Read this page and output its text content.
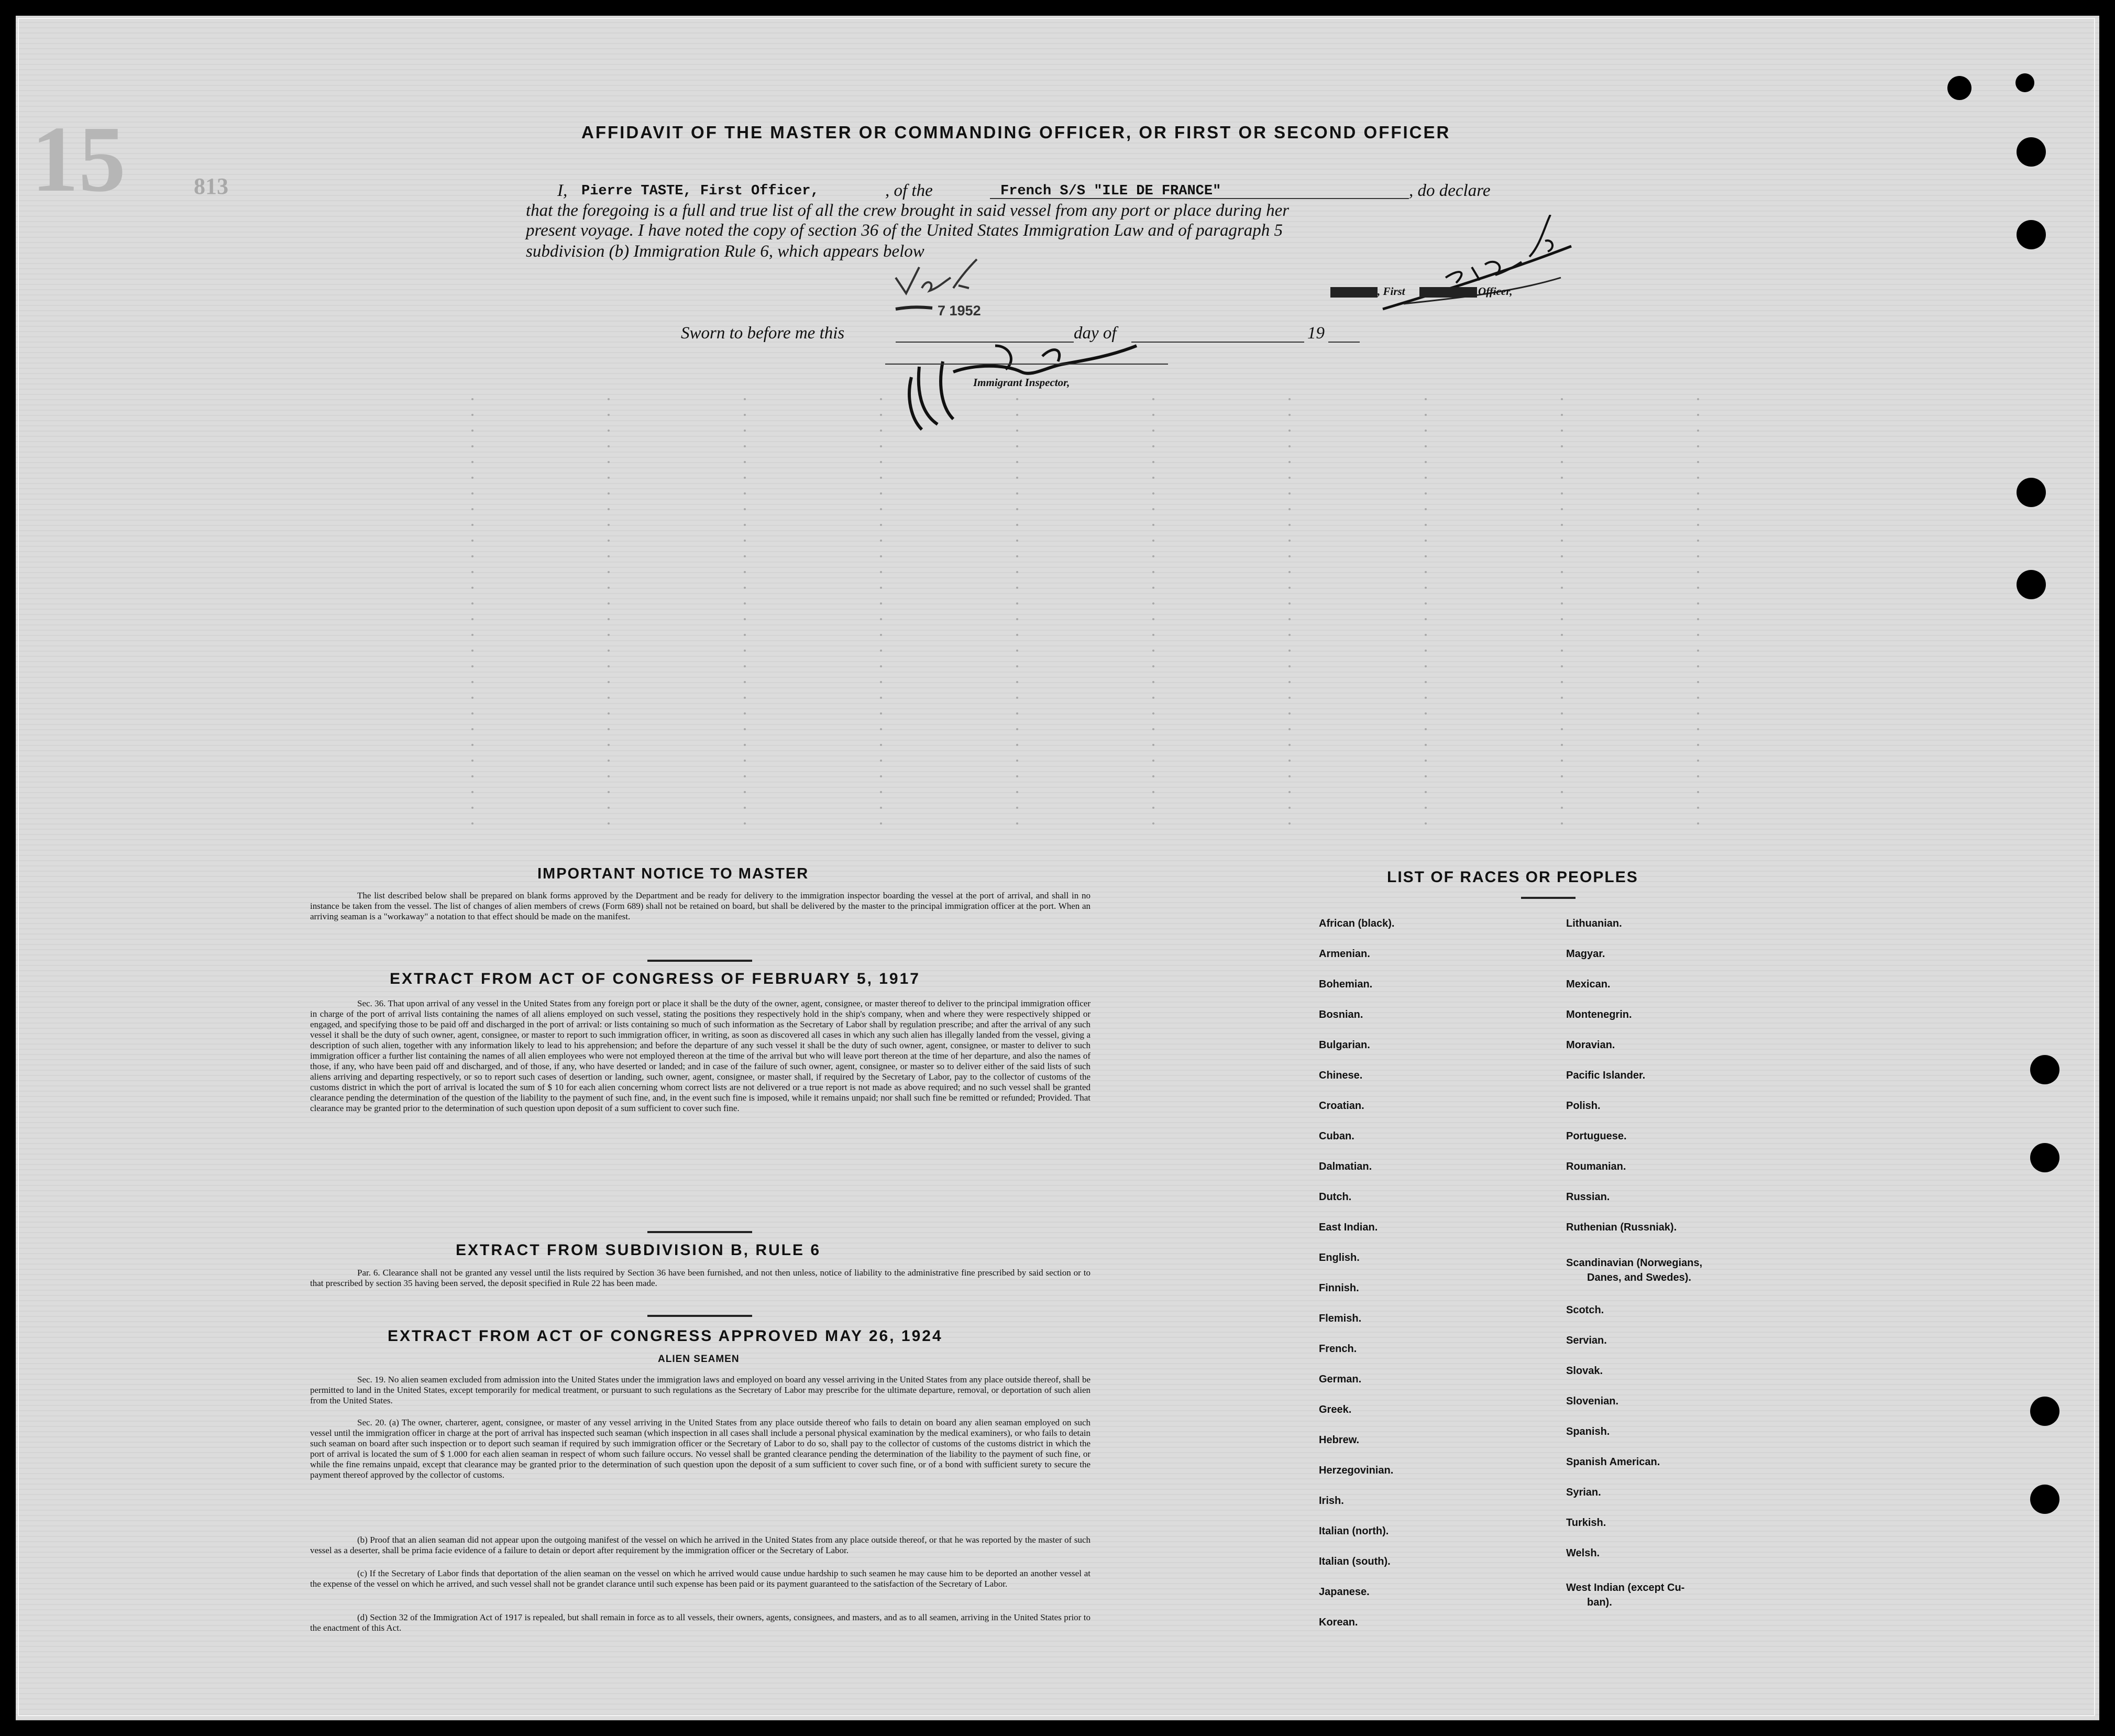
15	813
AFFIDAVIT OF THE MASTER OR COMMANDING OFFICER, OR FIRST OR SECOND OFFICER
I, Pierre TASTE, First Officer,	, of the	French S/S "ILE DE FRANCE"	, do declare
that the foregoing is a full and true list of all the crew brought in said vessel from any port or place during her
present voyage. I have noted the copy of section 36 of the United States Immigration Law and of paragraph 5
subdivision (b) Immigration Rule 6, which appears below
, First	Officer,
7 1952
Sworn to before me this	day of	19
Immigrant Inspector,
IMPORTANT NOTICE TO MASTER
The list described below shall be prepared on blank forms approved by the Department and be ready for delivery to the immigration inspector boarding the vessel at the port of arrival, and shall in no instance be taken from the vessel. The list of changes of alien members of crews (Form 689) shall not be retained on board, but shall be delivered by the master to the principal immigration officer at the port. When an arriving seaman is a "workaway" a notation to that effect should be made on the manifest.
EXTRACT FROM ACT OF CONGRESS OF FEBRUARY 5, 1917
Sec. 36. That upon arrival of any vessel in the United States from any foreign port or place it shall be the duty of the owner, agent, consignee, or master thereof to deliver to the principal immigration officer in charge of the port of arrival lists containing the names of all aliens employed on such vessel, stating the positions they respectively hold in the ship's company, when and where they were respectively shipped or engaged, and specifying those to be paid off and discharged in the port of arrival: or lists containing so much of such information as the Secretary of Labor shall by regulation prescribe; and after the arrival of any such vessel it shall be the duty of such owner, agent, consignee, or master to report to such immigration officer, in writing, as soon as discovered all cases in which any such alien has illegally landed from the vessel, giving a description of such alien, together with any information likely to lead to his apprehension; and before the departure of any such vessel it shall be the duty of such owner, agent, consignee, or master to deliver to such immigration officer a further list containing the names of all alien employees who were not employed thereon at the time of the arrival but who will leave port thereon at the time of her departure, and also the names of those, if any, who have been paid off and discharged, and of those, if any, who have deserted or landed; and in case of the failure of such owner, agent, consignee, or master so to deliver either of the said lists of such aliens arriving and departing respectively, or so to report such cases of desertion or landing, such owner, agent, consignee, or master shall, if required by the Secretary of Labor, pay to the collector of customs of the customs district in which the port of arrival is located the sum of $ 10 for each alien concerning whom correct lists are not delivered or a true report is not made as above required; and no such vessel shall be granted clearance pending the determination of the question of the liability to the payment of such fine, and, in the event such fine is imposed, while it remains unpaid; nor shall such fine be remitted or refunded; Provided. That clearance may be granted prior to the determination of such question upon deposit of a sum sufficient to cover such fine.
EXTRACT FROM SUBDIVISION B, RULE 6
Par. 6. Clearance shall not be granted any vessel until the lists required by Section 36 have been furnished, and not then unless, notice of liability to the administrative fine prescribed by said section or to that prescribed by section 35 having been served, the deposit specified in Rule 22 has been made.
EXTRACT FROM ACT OF CONGRESS APPROVED MAY 26, 1924
ALIEN SEAMEN
Sec. 19. No alien seamen excluded from admission into the United States under the immigration laws and employed on board any vessel arriving in the United States from any place outside thereof, shall be permitted to land in the United States, except temporarily for medical treatment, or pursuant to such regulations as the Secretary of Labor may prescribe for the ultimate departure, removal, or deportation of such alien from the United States.
Sec. 20. (a) The owner, charterer, agent, consignee, or master of any vessel arriving in the United States from any place outside thereof who fails to detain on board any alien seaman employed on such vessel until the immigration officer in charge at the port of arrival has inspected such seaman (which inspection in all cases shall include a personal physical examination by the medical examiners), or who fails to detain such seaman on board after such inspection or to deport such seaman if required by such immigration officer or the Secretary of Labor to do so, shall pay to the collector of customs of the customs district in which the port of arrival is located the sum of $ 1.000 for each alien seaman in respect of whom such failure occurs. No vessel shall be granted clearance pending the determination of the liability to the payment of such fine, or while the fine remains unpaid, except that clearance may be granted prior to the determination of such question upon the deposit of a sum sufficient to cover such fine, or of a bond with sufficient surety to secure the payment thereof approved by the collector of customs.
(b) Proof that an alien seaman did not appear upon the outgoing manifest of the vessel on which he arrived in the United States from any place outside thereof, or that he was reported by the master of such vessel as a deserter, shall be prima facie evidence of a failure to detain or deport after requirement by the immigration officer or the Secretary of Labor.
(c) If the Secretary of Labor finds that deportation of the alien seaman on the vessel on which he arrived would cause undue hardship to such seamen he may cause him to be deported an another vessel at the expense of the vessel on which he arrived, and such vessel shall not be grandet clarance until such expense has been paid or its payment guaranteed to the satisfaction of the Secretary of Labor.
(d) Section 32 of the Immigration Act of 1917 is repealed, but shall remain in force as to all vessels, their owners, agents, consignees, and masters, and as to all seamen, arriving in the United States prior to the enactment of this Act.
LIST OF RACES OR PEOPLES
African (black).
Armenian.
Bohemian.
Bosnian.
Bulgarian.
Chinese.
Croatian.
Cuban.
Dalmatian.
Dutch.
East Indian.
English.
Finnish.
Flemish.
French.
German.
Greek.
Hebrew.
Herzegovinian.
Irish.
Italian (north).
Italian (south).
Japanese.
Korean.
Lithuanian.
Magyar.
Mexican.
Montenegrin.
Moravian.
Pacific Islander.
Polish.
Portuguese.
Roumanian.
Russian.
Ruthenian (Russniak).
Scandinavian (Norwegians,
Danes, and Swedes).
Scotch.
Servian.
Slovak.
Slovenian.
Spanish.
Spanish American.
Syrian.
Turkish.
Welsh.
West Indian (except Cu-
ban).
